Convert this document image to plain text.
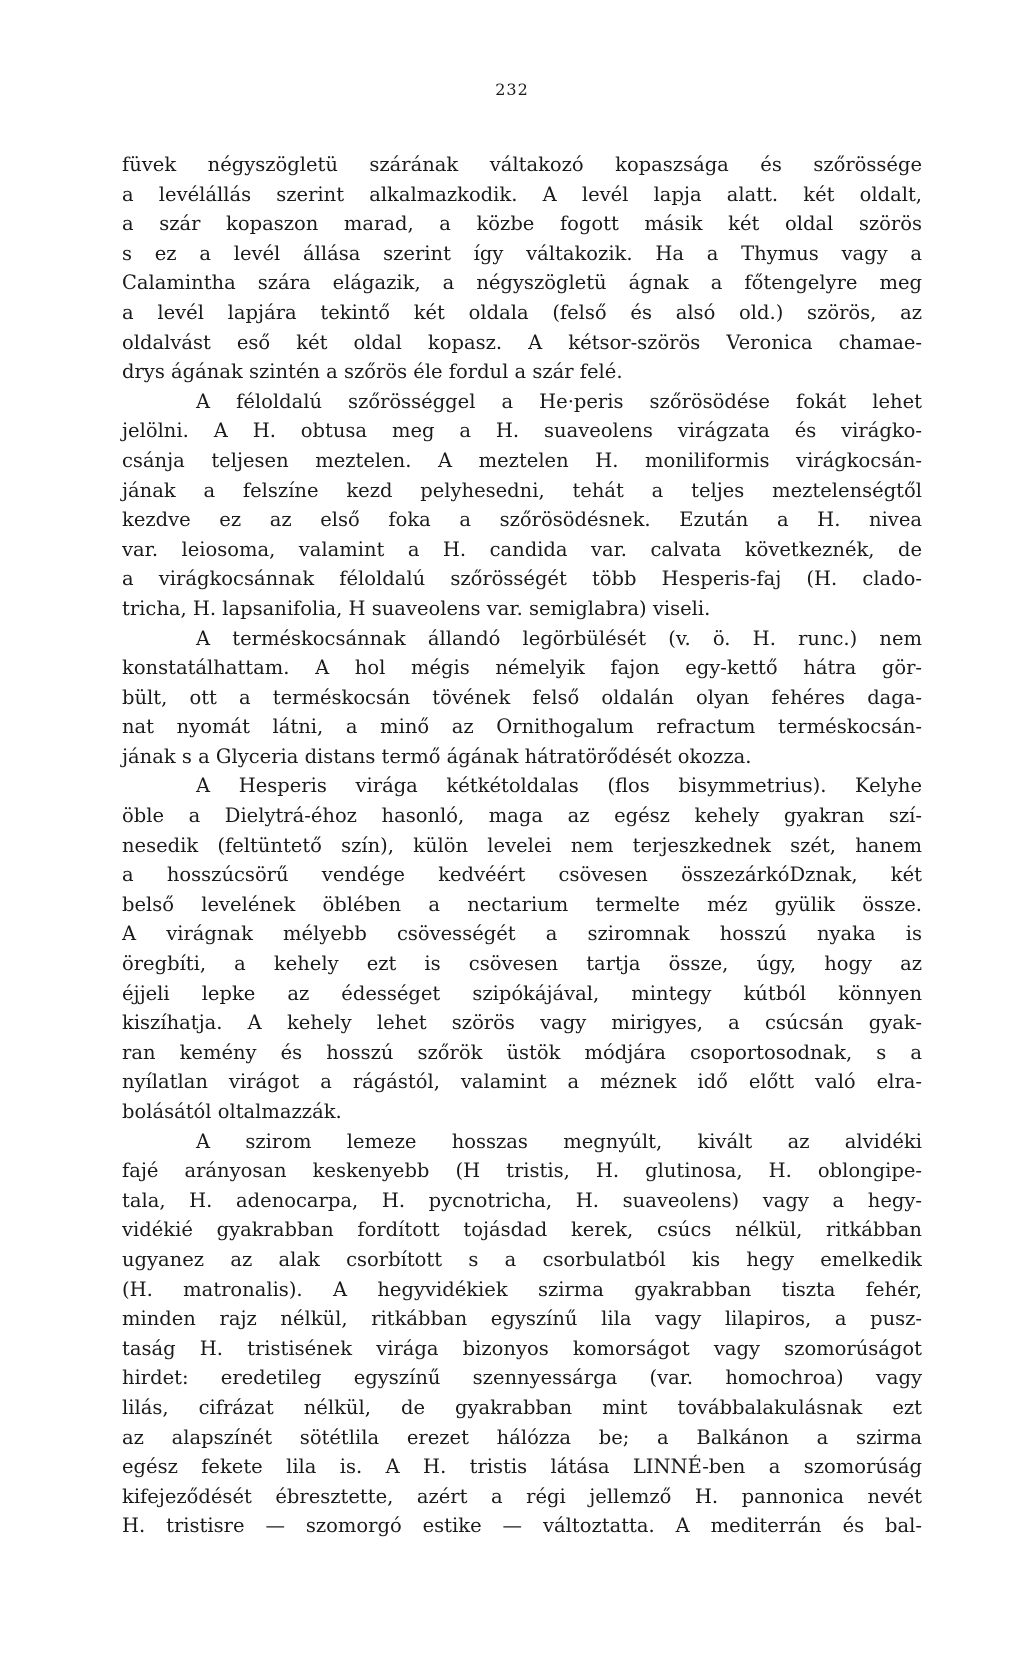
232
füvek négyszögletü szárának váltakozó kopaszsága és szőrössége
a levélállás szerint alkalmazkodik. A levél lapja alatt. két oldalt,
a szár kopaszon marad, a közbe fogott másik két oldal szörös
s ez a levél állása szerint így váltakozik. Ha a Thymus vagy a
Calamintha szára elágazik, a négyszögletü ágnak a főtengelyre meg
a levél lapjára tekintő két oldala (felső és alsó old.) szörös, az
oldalvást eső két oldal kopasz. A kétsor-szörös Veronica chamae-
drys ágának szintén a szőrös éle fordul a szár felé.
A féloldalú szőrösséggel a He·peris szőrösödése fokát lehet
jelölni. A H. obtusa meg a H. suaveolens virágzata és virágko-
csánja teljesen meztelen. A meztelen H. moniliformis virágkocsán-
jának a felszíne kezd pelyhesedni, tehát a teljes meztelenségtől
kezdve ez az első foka a szőrösödésnek. Ezután a H. nivea
var. leiosoma, valamint a H. candida var. calvata következnék, de
a virágkocsánnak féloldalú szőrösségét több Hesperis-faj (H. clado-
tricha, H. lapsanifolia, H suaveolens var. semiglabra) viseli.
A terméskocsánnak állandó legörbülését (v. ö. H. runc.) nem
konstatálhattam. A hol mégis némelyik fajon egy-kettő hátra gör-
bült, ott a terméskocsán tövének felső oldalán olyan fehéres daga-
nat nyomát látni, a minő az Ornithogalum refractum terméskocsán-
jának s a Glyceria distans termő ágának hátratörődését okozza.
A Hesperis virága kétkétoldalas (flos bisymmetrius). Kelyhe
öble a Dielytrá-éhoz hasonló, maga az egész kehely gyakran szí-
nesedik (feltüntető szín), külön levelei nem terjeszkednek szét, hanem
a hosszúcsörű vendége kedvéért csövesen összezárkóDznak, két
belső levelének öblében a nectarium termelte méz gyülik össze.
A virágnak mélyebb csövességét a sziromnak hosszú nyaka is
öregbíti, a kehely ezt is csövesen tartja össze, úgy, hogy az
éjjeli lepke az édességet szipókájával, mintegy kútból könnyen
kiszíhatja. A kehely lehet szörös vagy mirigyes, a csúcsán gyak-
ran kemény és hosszú szőrök üstök módjára csoportosodnak, s a
nyílatlan virágot a rágástól, valamint a méznek idő előtt való elra-
bolásától oltalmazzák.
A szirom lemeze hosszas megnyúlt, kivált az alvidéki
fajé arányosan keskenyebb (H tristis, H. glutinosa, H. oblongipe-
tala, H. adenocarpa, H. pycnotricha, H. suaveolens) vagy a hegy-
vidékié gyakrabban fordított tojásdad kerek, csúcs nélkül, ritkábban
ugyanez az alak csorbított s a csorbulatból kis hegy emelkedik
(H. matronalis). A hegyvidékiek szirma gyakrabban tiszta fehér,
minden rajz nélkül, ritkábban egyszínű lila vagy lilapiros, a pusz-
taság H. tristisének virága bizonyos komorságot vagy szomorúságot
hirdet: eredetileg egyszínű szennyessárga (var. homochroa) vagy
lilás, cifrázat nélkül, de gyakrabban mint továbbalakulásnak ezt
az alapszínét sötétlila erezet hálózza be; a Balkánon a szirma
egész fekete lila is. A H. tristis látása LINNÉ-ben a szomorúság
kifejeződését ébresztette, azért a régi jellemző H. pannonica nevét
H. tristisre — szomorgó estike — változtatta. A mediterrán és bal-
